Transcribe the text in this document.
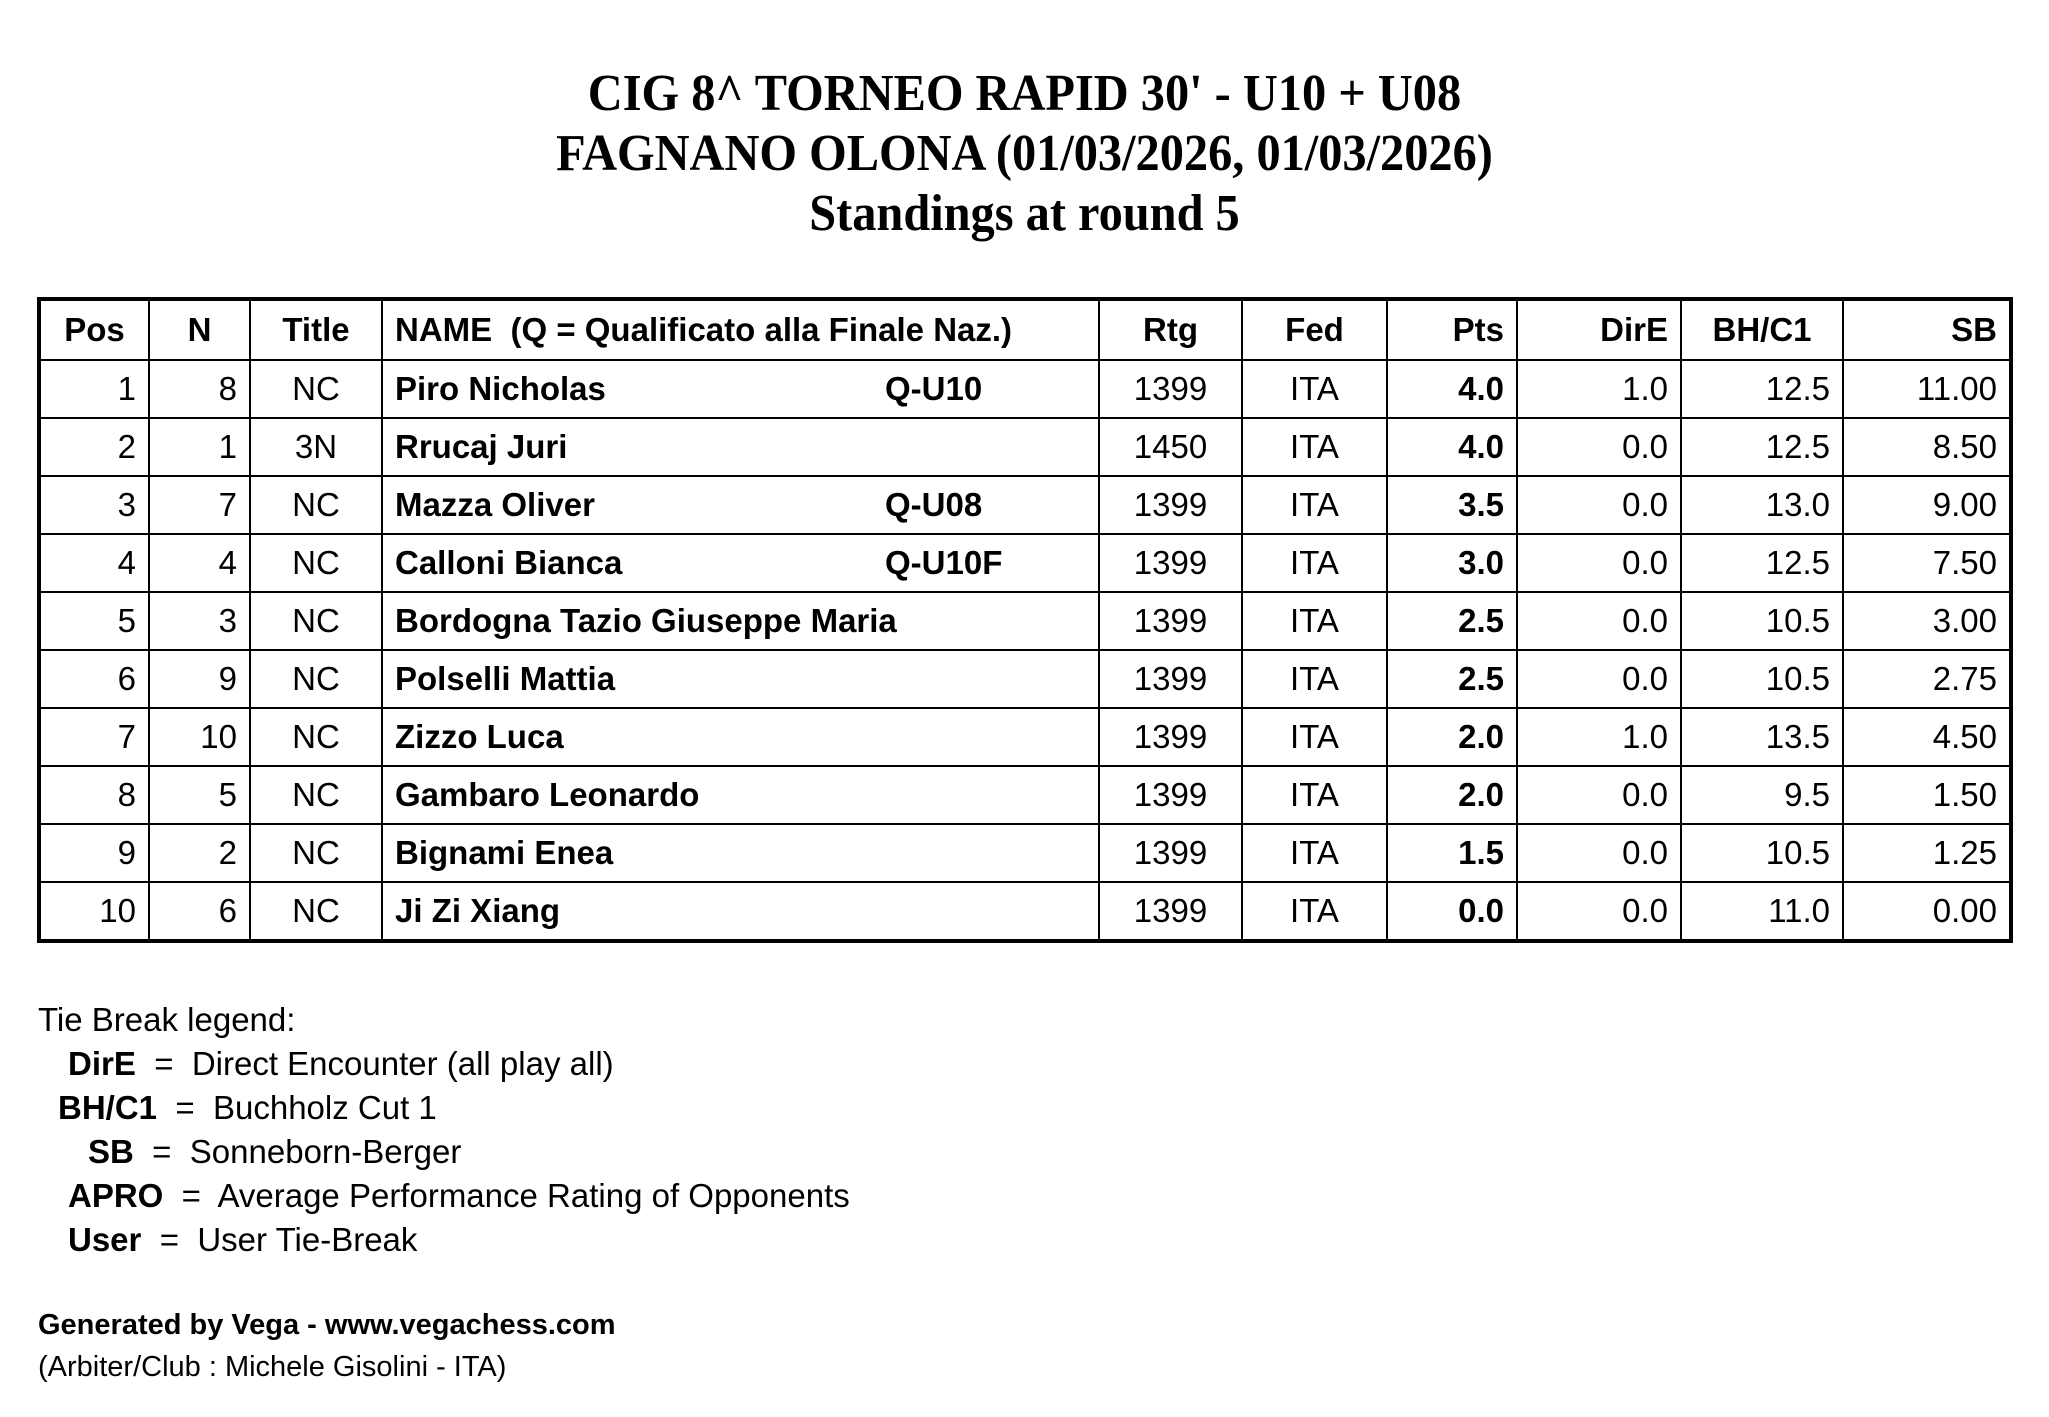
CIG 8^ TORNEO RAPID 30' - U10 + U08
FAGNANO OLONA (01/03/2026, 01/03/2026)
Standings at round 5
Pos	N	Title	NAME  (Q = Qualificato alla Finale Naz.)	Rtg	Fed	Pts	DirE	BH/C1	SB
1	8	NC	Piro Nicholas Q-U10	1399	ITA	4.0	1.0	12.5	11.00
2	1	3N	Rrucaj Juri	1450	ITA	4.0	0.0	12.5	8.50
3	7	NC	Mazza Oliver Q-U08	1399	ITA	3.5	0.0	13.0	9.00
4	4	NC	Calloni Bianca Q-U10F	1399	ITA	3.0	0.0	12.5	7.50
5	3	NC	Bordogna Tazio Giuseppe Maria	1399	ITA	2.5	0.0	10.5	3.00
6	9	NC	Polselli Mattia	1399	ITA	2.5	0.0	10.5	2.75
7	10	NC	Zizzo Luca	1399	ITA	2.0	1.0	13.5	4.50
8	5	NC	Gambaro Leonardo	1399	ITA	2.0	0.0	9.5	1.50
9	2	NC	Bignami Enea	1399	ITA	1.5	0.0	10.5	1.25
10	6	NC	Ji Zi Xiang	1399	ITA	0.0	0.0	11.0	0.00
Tie Break legend:
DirE  =  Direct Encounter (all play all)
BH/C1  =  Buchholz Cut 1
SB  =  Sonneborn-Berger
APRO  =  Average Performance Rating of Opponents
User  =  User Tie-Break
Generated by Vega - www.vegachess.com
(Arbiter/Club : Michele Gisolini - ITA)
